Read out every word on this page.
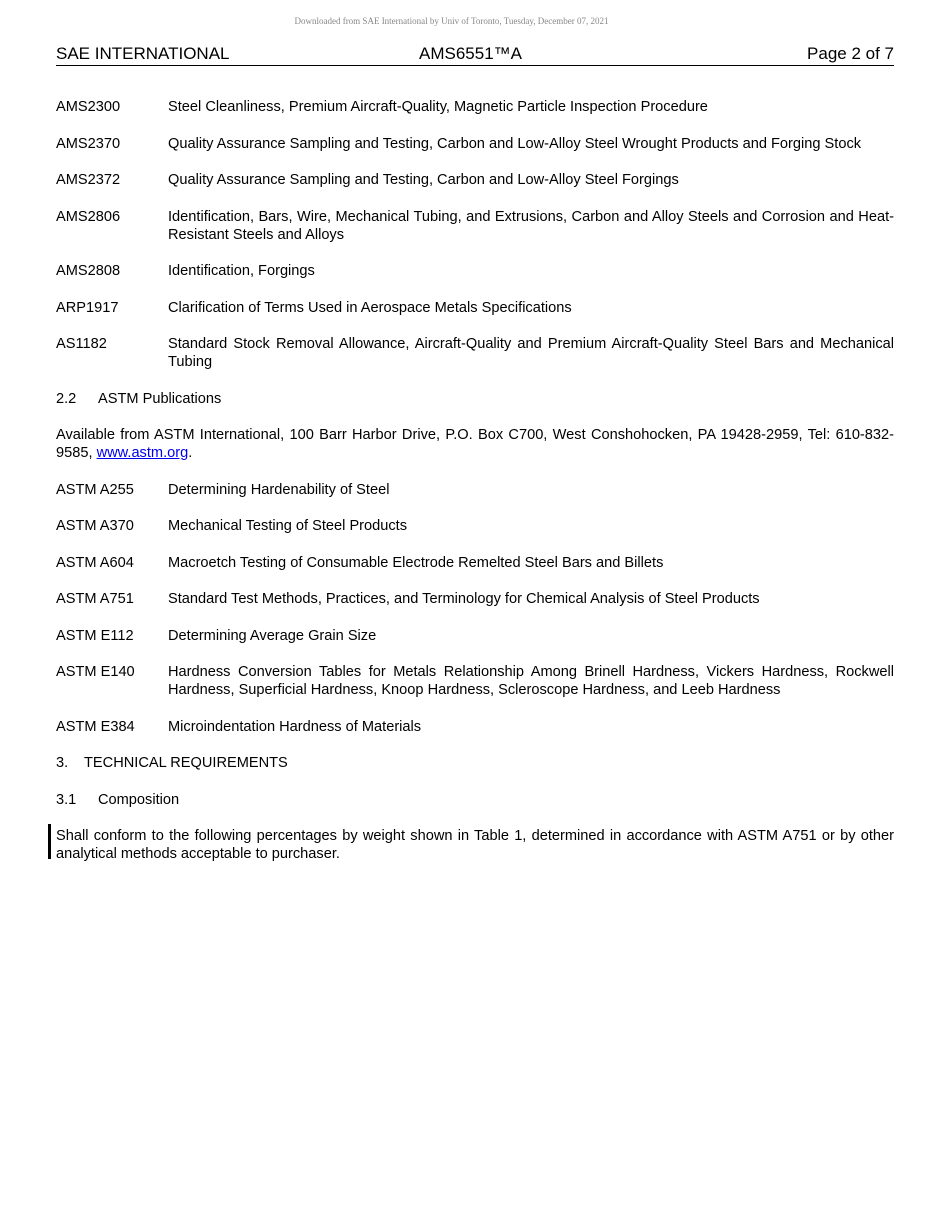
Downloaded from SAE International by Univ of Toronto, Tuesday, December 07, 2021
SAE INTERNATIONAL	AMS6551™A	Page 2 of 7
AMS2300	Steel Cleanliness, Premium Aircraft-Quality, Magnetic Particle Inspection Procedure
AMS2370	Quality Assurance Sampling and Testing, Carbon and Low-Alloy Steel Wrought Products and Forging Stock
AMS2372	Quality Assurance Sampling and Testing, Carbon and Low-Alloy Steel Forgings
AMS2806	Identification, Bars, Wire, Mechanical Tubing, and Extrusions, Carbon and Alloy Steels and Corrosion and Heat-Resistant Steels and Alloys
AMS2808	Identification, Forgings
ARP1917	Clarification of Terms Used in Aerospace Metals Specifications
AS1182	Standard Stock Removal Allowance, Aircraft-Quality and Premium Aircraft-Quality Steel Bars and Mechanical Tubing
2.2 ASTM Publications
Available from ASTM International, 100 Barr Harbor Drive, P.O. Box C700, West Conshohocken, PA 19428-2959, Tel: 610-832-9585, www.astm.org.
ASTM A255	Determining Hardenability of Steel
ASTM A370	Mechanical Testing of Steel Products
ASTM A604	Macroetch Testing of Consumable Electrode Remelted Steel Bars and Billets
ASTM A751	Standard Test Methods, Practices, and Terminology for Chemical Analysis of Steel Products
ASTM E112	Determining Average Grain Size
ASTM E140	Hardness Conversion Tables for Metals Relationship Among Brinell Hardness, Vickers Hardness, Rockwell Hardness, Superficial Hardness, Knoop Hardness, Scleroscope Hardness, and Leeb Hardness
ASTM E384	Microindentation Hardness of Materials
3. TECHNICAL REQUIREMENTS
3.1 Composition
Shall conform to the following percentages by weight shown in Table 1, determined in accordance with ASTM A751 or by other analytical methods acceptable to purchaser.
